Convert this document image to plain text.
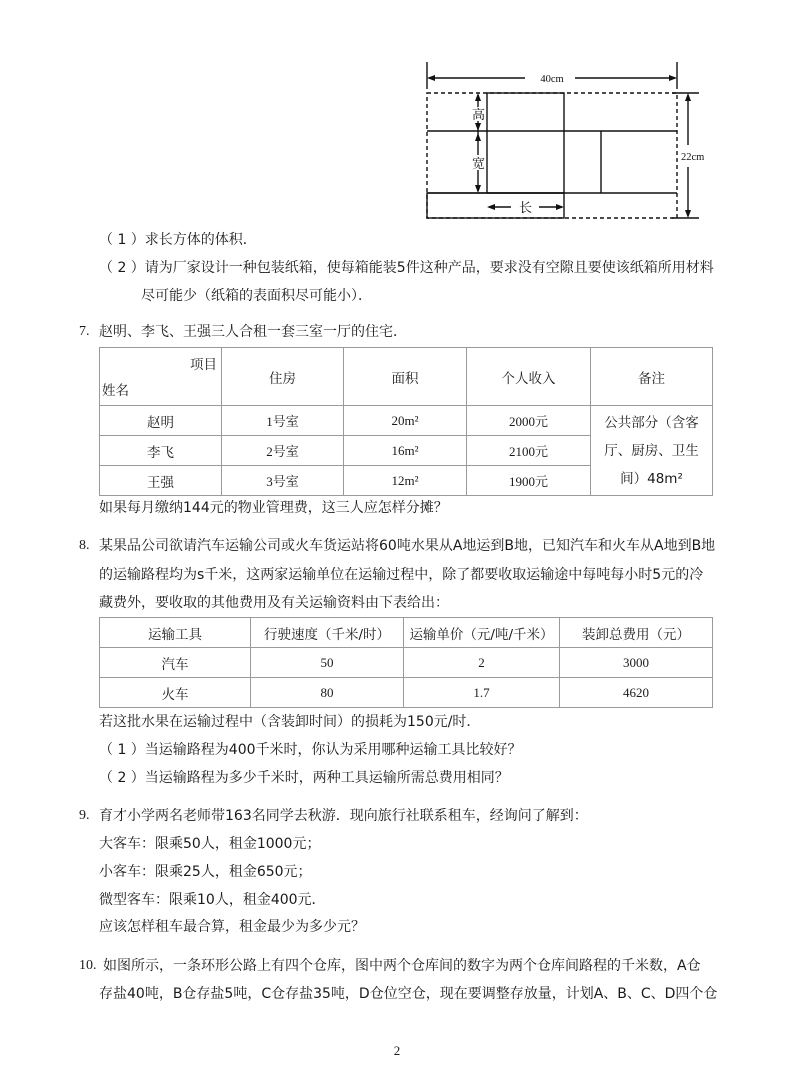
40cm
22cm
高
宽
长
（ 1 ）求长方体的体积．
（ 2 ）请为厂家设计一种包装纸箱，使每箱能装5件这种产品，要求没有空隙且要使该纸箱所用材料
尽可能少（纸箱的表面积尽可能小）．
7. 赵明、李飞、王强三人合租一套三室一厅的住宅．
项目
姓名	住房	面积	个人收入	备注
赵明	1号室	20m²	2000元	公共部分（含客
厅、厨房、卫生
间）48m²

李飞	2号室	16m²	2100元	
王强	3号室	12m²	1900元	
如果每月缴纳144元的物业管理费，这三人应怎样分摊？
8. 某果品公司欲请汽车运输公司或火车货运站将60吨水果从A地运到B地，已知汽车和火车从A地到B地
的运输路程均为s千米，这两家运输单位在运输过程中，除了都要收取运输途中每吨每小时5元的冷
藏费外，要收取的其他费用及有关运输资料由下表给出：
运输工具	行驶速度（千米/时）	运输单价（元/吨/千米）	装卸总费用（元）
汽车	50	2	3000
火车	80	1.7	4620
若这批水果在运输过程中（含装卸时间）的损耗为150元/时．
（ 1 ）当运输路程为400千米时，你认为采用哪种运输工具比较好？
（ 2 ）当运输路程为多少千米时，两种工具运输所需总费用相同？
9. 育才小学两名老师带163名同学去秋游．现向旅行社联系租车，经询问了解到：
大客车：限乘50人，租金1000元；
小客车：限乘25人，租金650元；
微型客车：限乘10人，租金400元．
应该怎样租车最合算，租金最少为多少元？
10. 如图所示，一条环形公路上有四个仓库，图中两个仓库间的数字为两个仓库间路程的千米数，A仓
存盐40吨，B仓存盐5吨，C仓存盐35吨，D仓位空仓，现在要调整存放量，计划A、B、C、D四个仓
2
